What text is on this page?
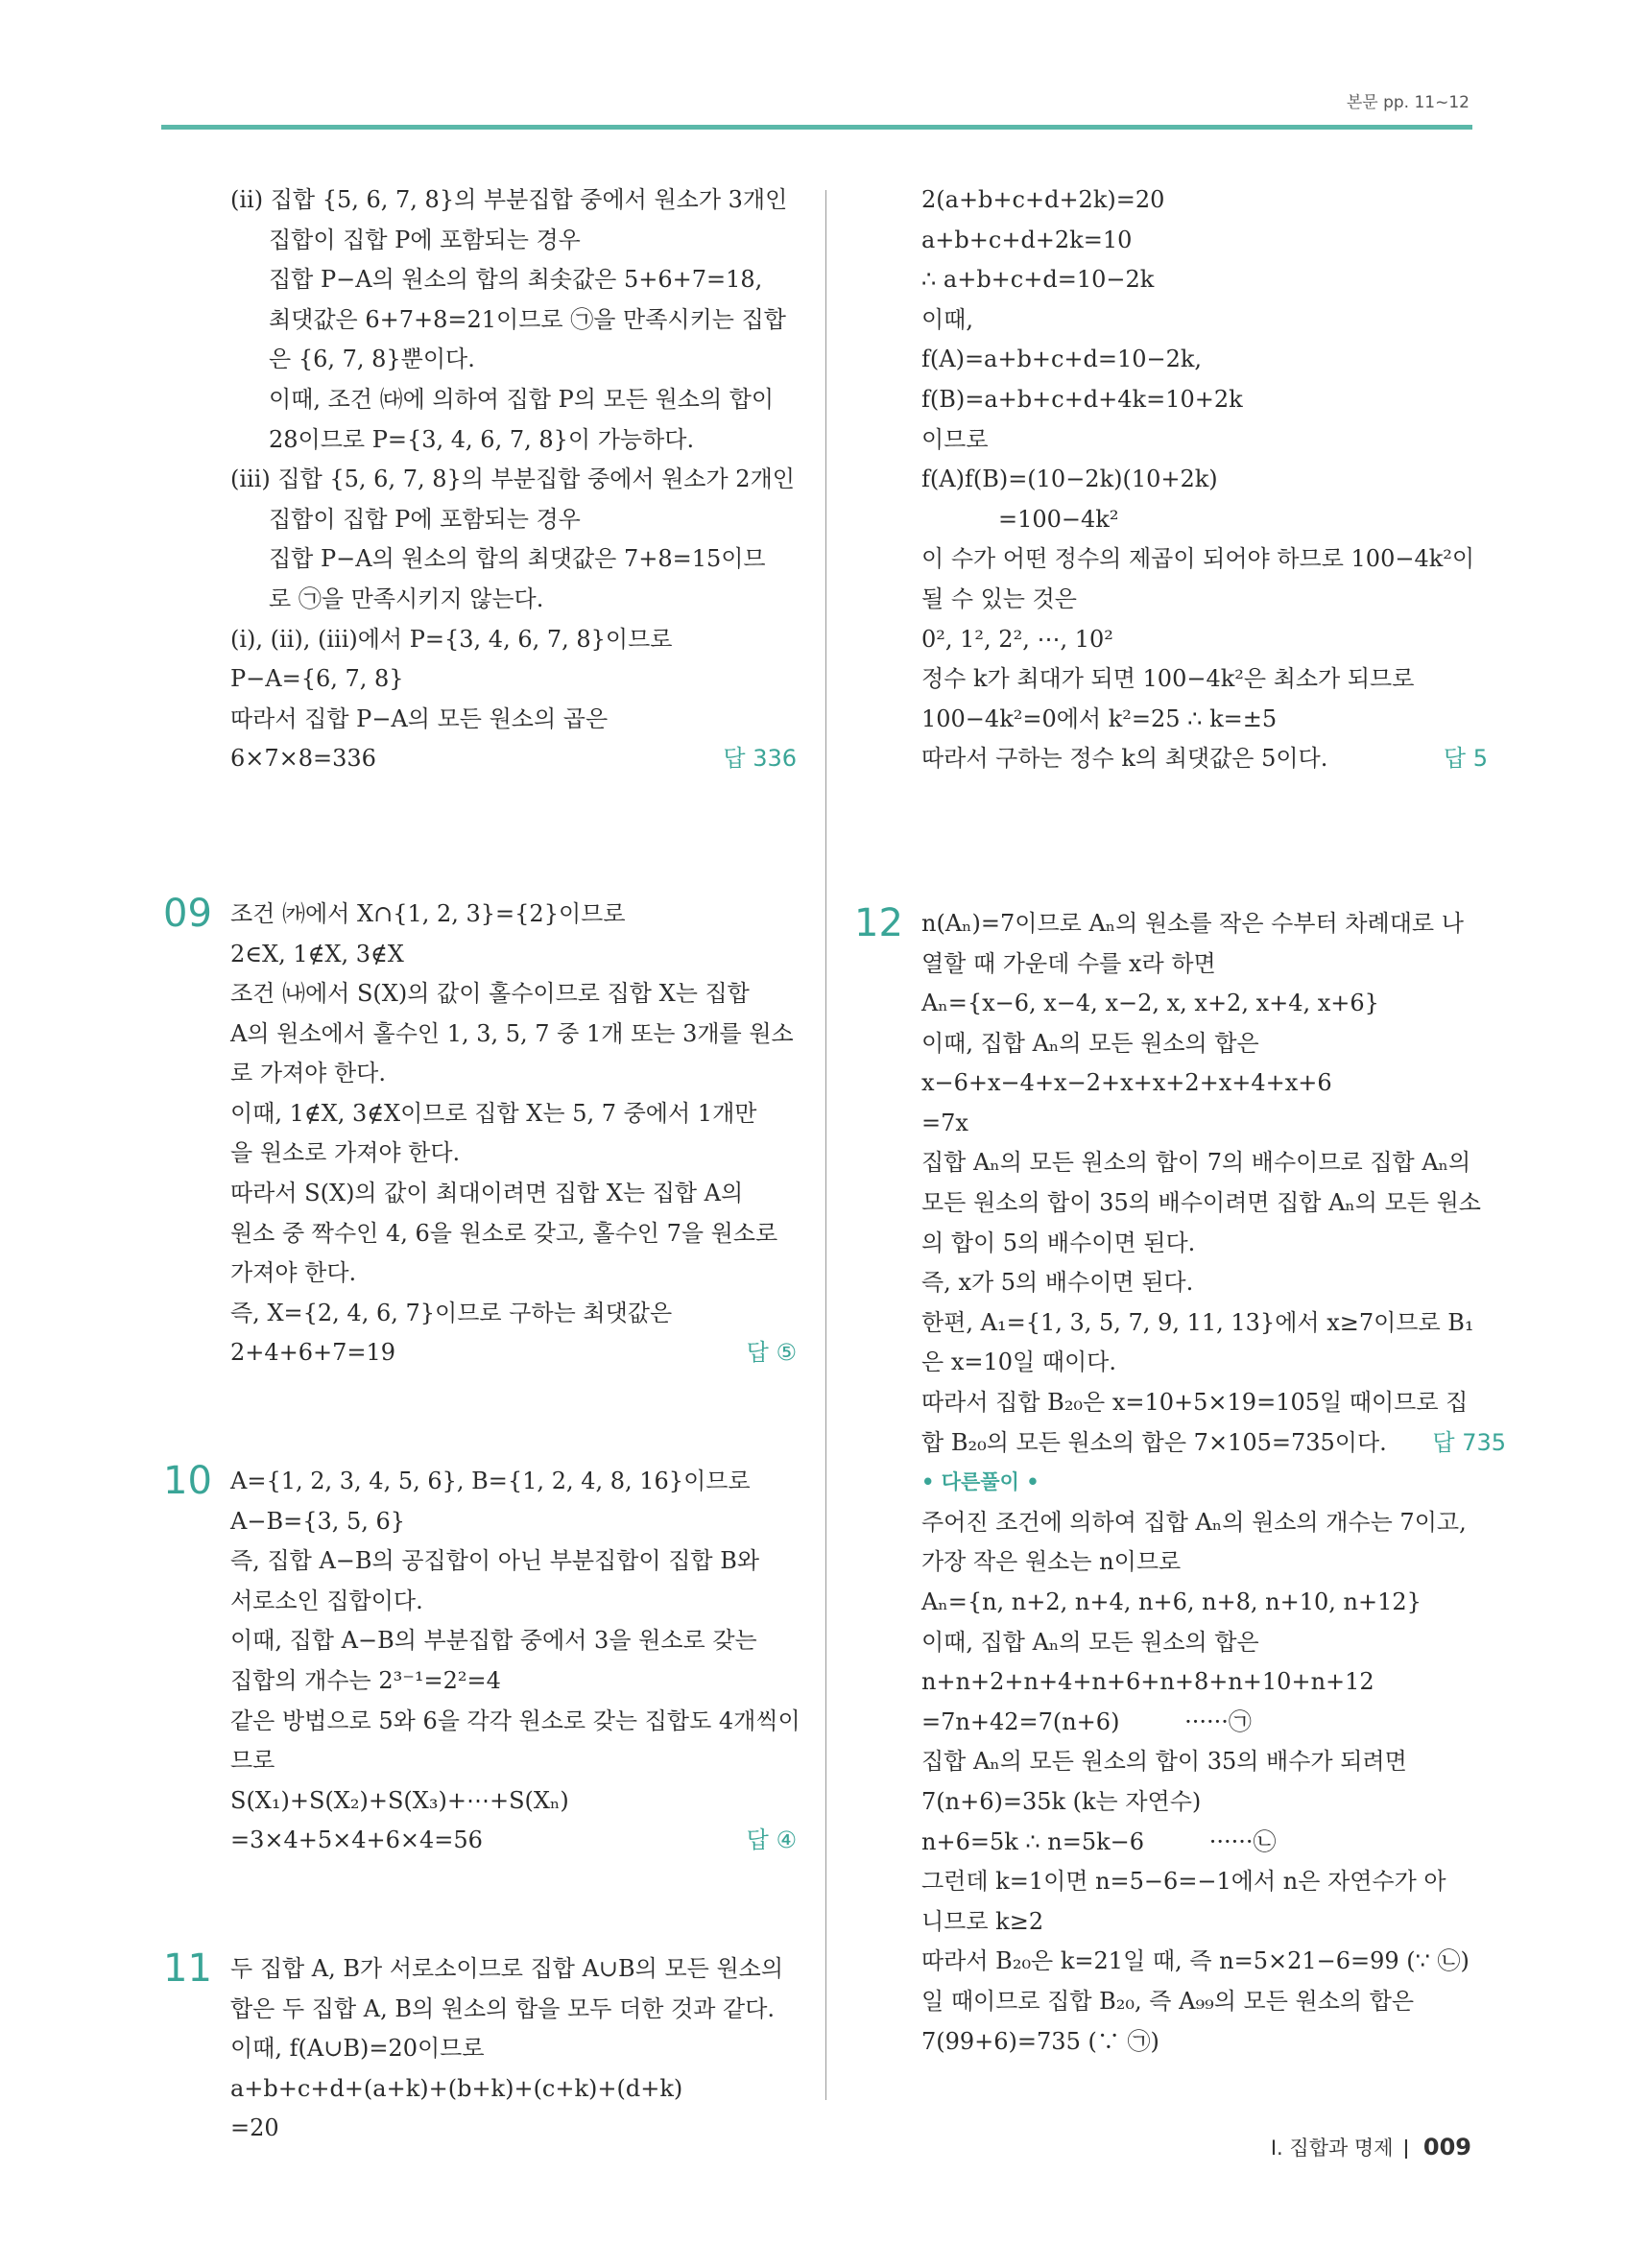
본문 pp. 11~12
(ii) 집합 {5, 6, 7, 8}의 부분집합 중에서 원소가 3개인
집합이 집합 P에 포함되는 경우
집합 P−A의 원소의 합의 최솟값은 5+6+7=18,
최댓값은 6+7+8=21이므로 ㉠을 만족시키는 집합
은 {6, 7, 8}뿐이다.
이때, 조건 ㈐에 의하여 집합 P의 모든 원소의 합이
28이므로 P={3, 4, 6, 7, 8}이 가능하다.
(iii) 집합 {5, 6, 7, 8}의 부분집합 중에서 원소가 2개인
집합이 집합 P에 포함되는 경우
집합 P−A의 원소의 합의 최댓값은 7+8=15이므
로 ㉠을 만족시키지 않는다.
(i), (ii), (iii)에서 P={3, 4, 6, 7, 8}이므로
P−A={6, 7, 8}
따라서 집합 P−A의 모든 원소의 곱은
6×7×8=336	답 336
09 조건 ㈎에서 X∩{1, 2, 3}={2}이므로
2∈X, 1∉X, 3∉X
조건 ㈏에서 S(X)의 값이 홀수이므로 집합 X는 집합
A의 원소에서 홀수인 1, 3, 5, 7 중 1개 또는 3개를 원소
로 가져야 한다.
이때, 1∉X, 3∉X이므로 집합 X는 5, 7 중에서 1개만
을 원소로 가져야 한다.
따라서 S(X)의 값이 최대이려면 집합 X는 집합 A의
원소 중 짝수인 4, 6을 원소로 갖고, 홀수인 7을 원소로
가져야 한다.
즉, X={2, 4, 6, 7}이므로 구하는 최댓값은
2+4+6+7=19	답 ⑤
10 A={1, 2, 3, 4, 5, 6}, B={1, 2, 4, 8, 16}이므로
A−B={3, 5, 6}
즉, 집합 A−B의 공집합이 아닌 부분집합이 집합 B와
서로소인 집합이다.
이때, 집합 A−B의 부분집합 중에서 3을 원소로 갖는
집합의 개수는 2³⁻¹=2²=4
같은 방법으로 5와 6을 각각 원소로 갖는 집합도 4개씩이
므로
S(X₁)+S(X₂)+S(X₃)+⋯+S(Xₙ)
=3×4+5×4+6×4=56	답 ④
11 두 집합 A, B가 서로소이므로 집합 A∪B의 모든 원소의
합은 두 집합 A, B의 원소의 합을 모두 더한 것과 같다.
이때, f(A∪B)=20이므로
a+b+c+d+(a+k)+(b+k)+(c+k)+(d+k)
=20
2(a+b+c+d+2k)=20
a+b+c+d+2k=10
∴ a+b+c+d=10−2k
이때,
f(A)=a+b+c+d=10−2k,
f(B)=a+b+c+d+4k=10+2k
이므로
f(A)f(B)=(10−2k)(10+2k)
=100−4k²
이 수가 어떤 정수의 제곱이 되어야 하므로 100−4k²이
될 수 있는 것은
0², 1², 2², ⋯, 10²
정수 k가 최대가 되면 100−4k²은 최소가 되므로
100−4k²=0에서 k²=25 ∴ k=±5
따라서 구하는 정수 k의 최댓값은 5이다.	답 5
12 n(Aₙ)=7이므로 Aₙ의 원소를 작은 수부터 차례대로 나
열할 때 가운데 수를 x라 하면
Aₙ={x−6, x−4, x−2, x, x+2, x+4, x+6}
이때, 집합 Aₙ의 모든 원소의 합은
x−6+x−4+x−2+x+x+2+x+4+x+6
=7x
집합 Aₙ의 모든 원소의 합이 7의 배수이므로 집합 Aₙ의
모든 원소의 합이 35의 배수이려면 집합 Aₙ의 모든 원소
의 합이 5의 배수이면 된다.
즉, x가 5의 배수이면 된다.
한편, A₁={1, 3, 5, 7, 9, 11, 13}에서 x≥7이므로 B₁
은 x=10일 때이다.
따라서 집합 B₂₀은 x=10+5×19=105일 때이므로 집
합 B₂₀의 모든 원소의 합은 7×105=735이다. 답 735
• 다른풀이 •
주어진 조건에 의하여 집합 Aₙ의 원소의 개수는 7이고,
가장 작은 원소는 n이므로
Aₙ={n, n+2, n+4, n+6, n+8, n+10, n+12}
이때, 집합 Aₙ의 모든 원소의 합은
n+n+2+n+4+n+6+n+8+n+10+n+12
=7n+42=7(n+6)	······㉠
집합 Aₙ의 모든 원소의 합이 35의 배수가 되려면
7(n+6)=35k (k는 자연수)
n+6=5k ∴ n=5k−6	······㉡
그런데 k=1이면 n=5−6=−1에서 n은 자연수가 아
니므로 k≥2
따라서 B₂₀은 k=21일 때, 즉 n=5×21−6=99 (∵ ㉡)
일 때이므로 집합 B₂₀, 즉 A₉₉의 모든 원소의 합은
7(99+6)=735 (∵ ㉠)
Ⅰ. 집합과 명제 009
